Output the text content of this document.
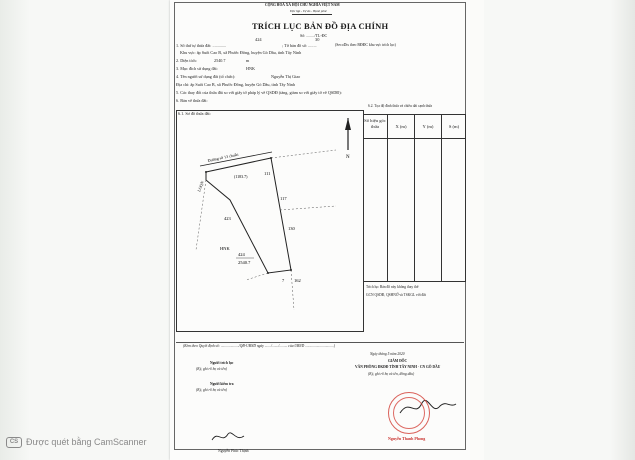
CỘNG HOÀ XÃ HỘI CHỦ NGHĨA VIỆT NAM
Độc lập - Tự do - Hạnh phúc
TRÍCH LỤC BẢN ĐỒ ĐỊA CHÍNH
Số: ......../TL-ĐC
1. Số thứ tự thửa đất: .............
424
; Tờ bản đồ số: ........
30
(SecoDis theo BĐĐC khu vực trích lục)
Khu vực: ấp Suối Cao B, xã Phước Đông, huyện Gò Dầu, tỉnh Tây Ninh
2. Diện tích:	2540.7	m
3. Mục đích sử dụng đất:	HNK
4. Tên người sử dụng đất (tổ chức):	Nguyễn Thị Giao
Địa chỉ: ấp Suối Cao B, xã Phước Đông, huyện Gò Dầu, tỉnh Tây Ninh
5. Các thay đổi của thửa đất so với giấy tờ pháp lý về QSDĐ (tăng, giảm so với giấy tờ về QSDĐ):
6. Bản vẽ thửa đất:
6.1. Sơ đồ thửa đất:
Đường số 13 chuẩn
LOQN
(1183.7)
111
117
130
423
424
HNK
2540.7
162
7
N
6.2. Tọa độ đỉnh thửa và chiều dài cạnh thửa
Số hiệu góc thửa	X (m)	Y (m)	S (m)
Trích lục Bản đồ này không thay thế
GCN QSDĐ, QSHNỞ và TSKGL với đất
(Kèm theo Quyết định số: ..................../QĐ-UBND ngày ......./......./......... của UBND ................................)
Ngày tháng 5 năm 2020
Người trích lục
(Ký, ghi rõ họ và tên)
GIÁM ĐỐC
VĂN PHÒNG ĐKĐĐ TỈNH TÂY NINH - CN GÒ DẦU
(Ký, ghi rõ họ và tên, đóng dấu)
Người kiểm tra
(Ký, ghi rõ họ và tên)
Nguyễn Thanh Phong
Nguyễn Phúc Thịnh
CS Được quét bằng CamScanner
